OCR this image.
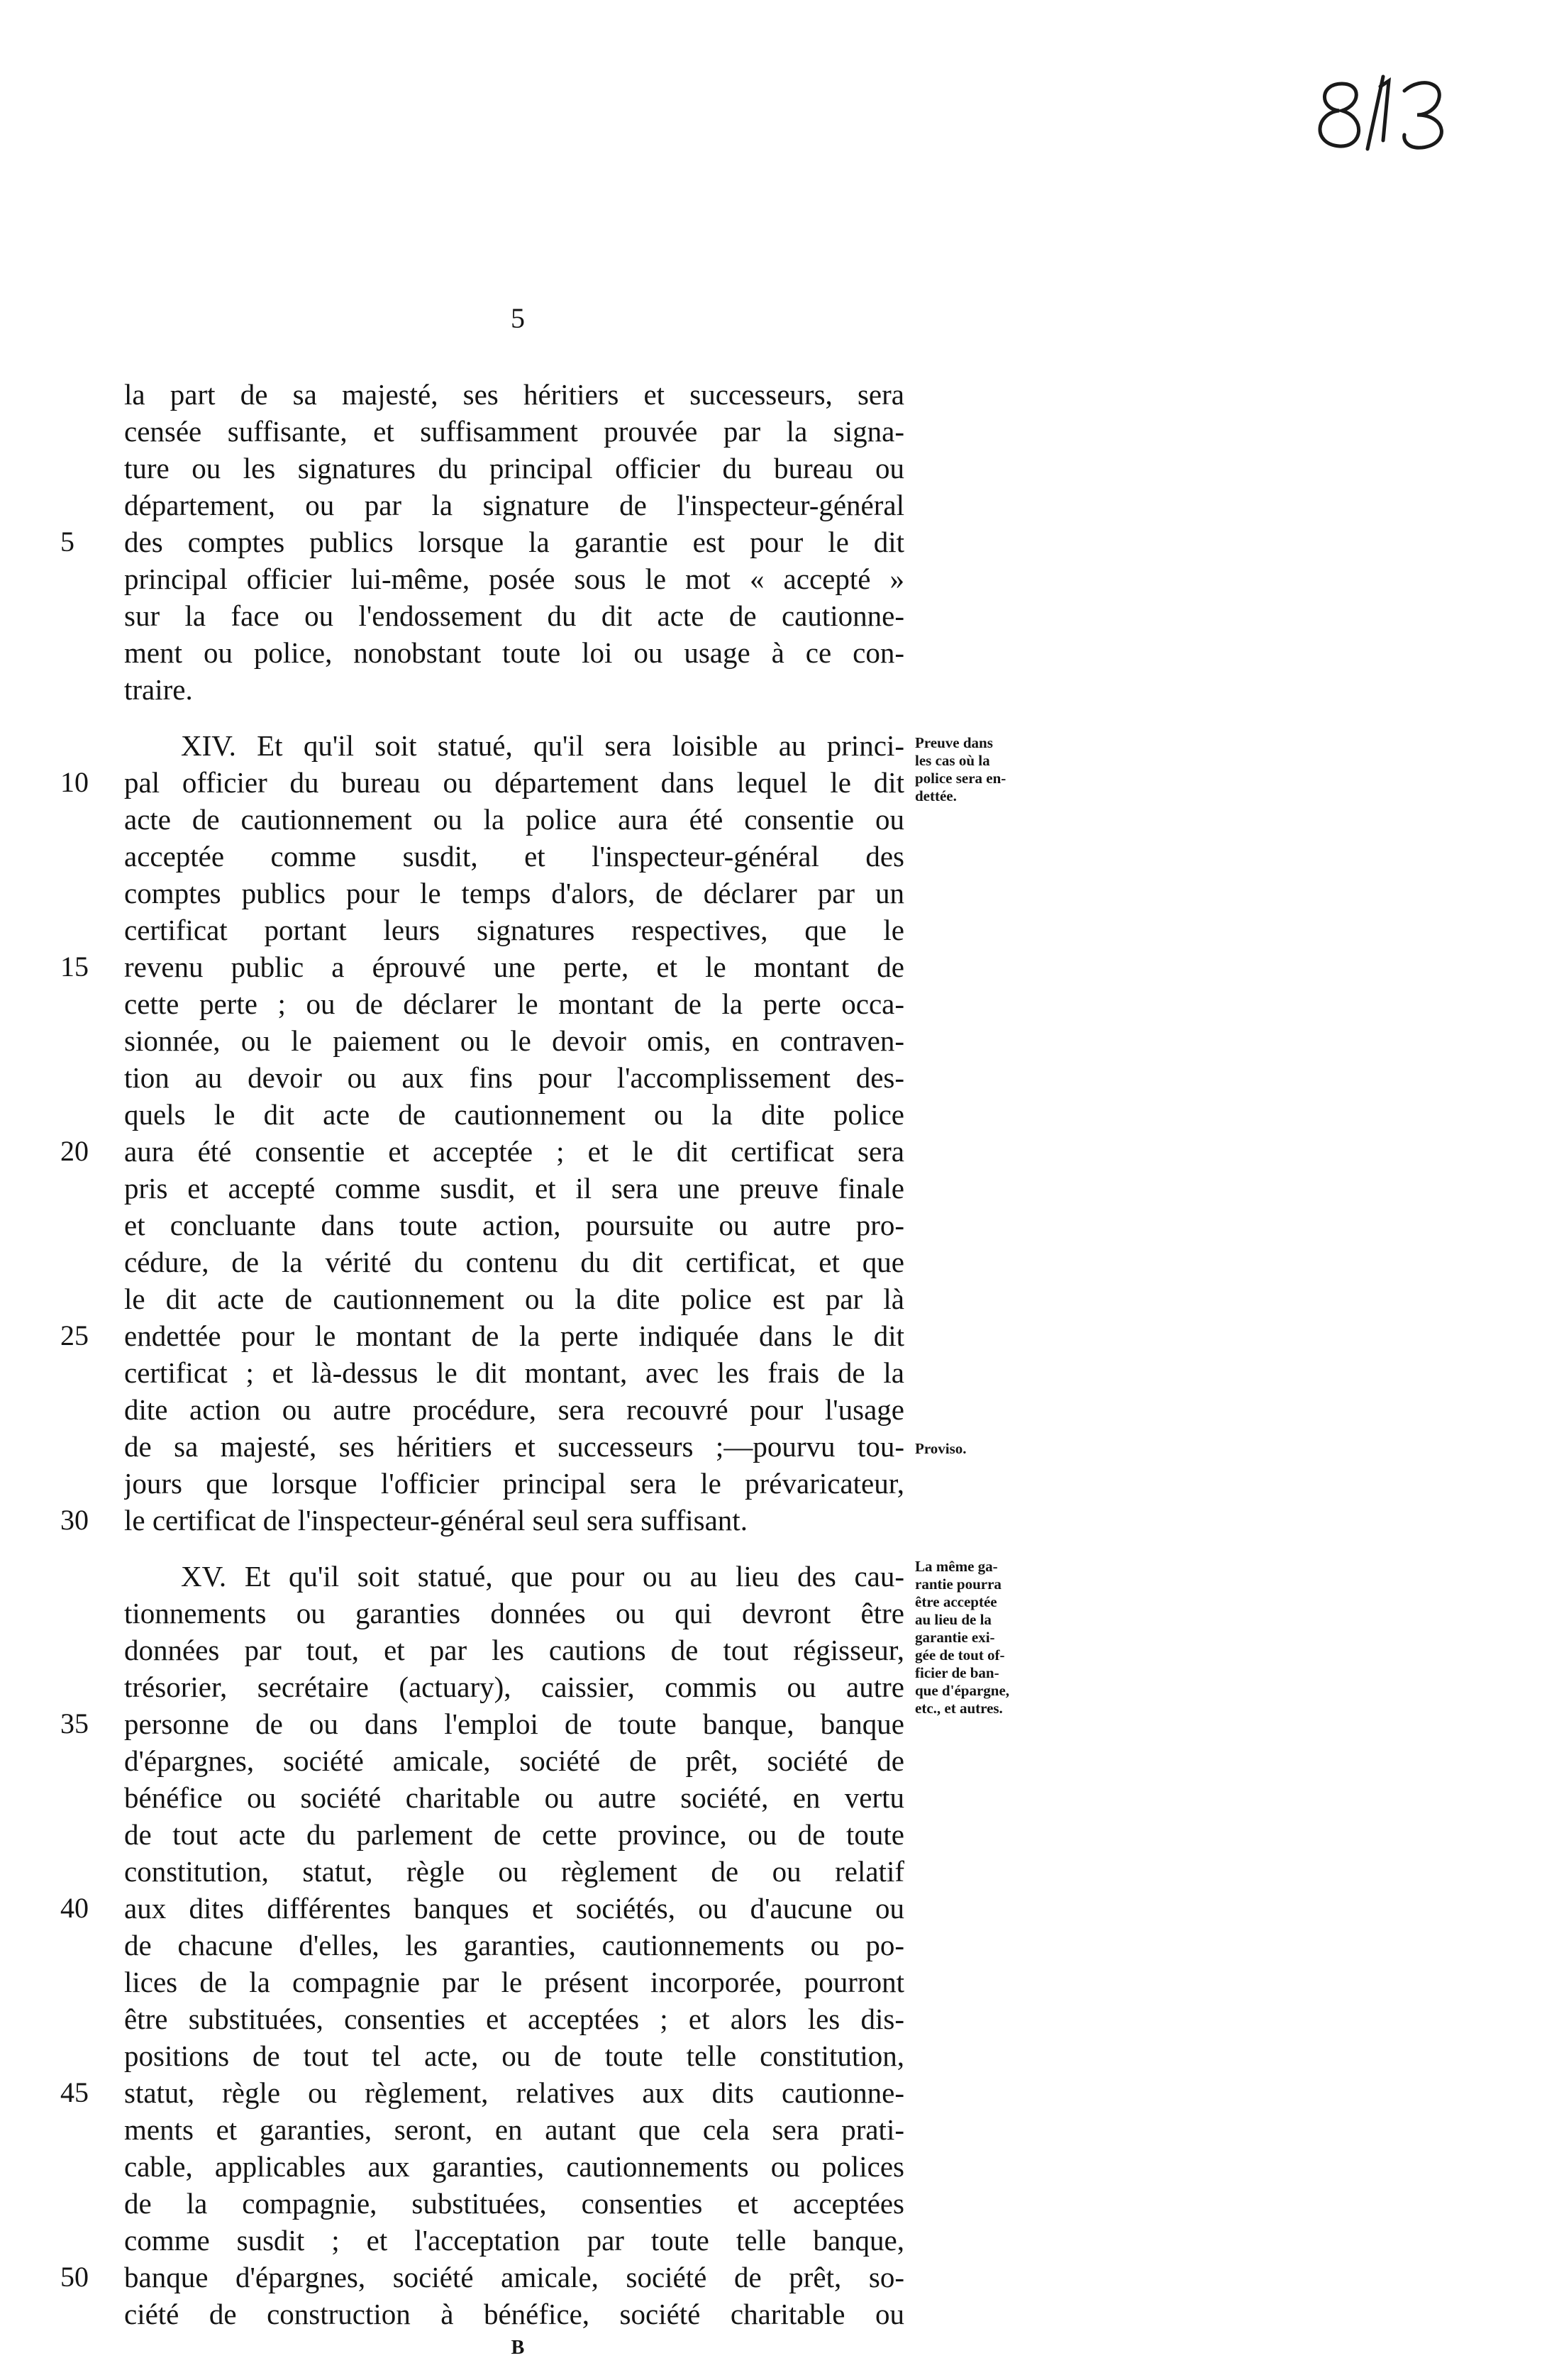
5
la part de sa majesté, ses héritiers et successeurs, sera
censée suffisante, et suffisamment prouvée par la signa-
ture ou les signatures du principal officier du bureau ou
département, ou par la signature de l'inspecteur-général
5	des comptes publics lorsque la garantie est pour le dit
principal officier lui-même, posée sous le mot « accepté »
sur la face ou l'endossement du dit acte de cautionne-
ment ou police, nonobstant toute loi ou usage à ce con-
traire.
XIV. Et qu'il soit statué, qu'il sera loisible au princi-
10	pal officier du bureau ou département dans lequel le dit
acte de cautionnement ou la police aura été consentie ou
acceptée comme susdit, et l'inspecteur-général des
comptes publics pour le temps d'alors, de déclarer par un
certificat portant leurs signatures respectives, que le
15	revenu public a éprouvé une perte, et le montant de
cette perte ; ou de déclarer le montant de la perte occa-
sionnée, ou le paiement ou le devoir omis, en contraven-
tion au devoir ou aux fins pour l'accomplissement des-
quels le dit acte de cautionnement ou la dite police
20	aura été consentie et acceptée ; et le dit certificat sera
pris et accepté comme susdit, et il sera une preuve finale
et concluante dans toute action, poursuite ou autre pro-
cédure, de la vérité du contenu du dit certificat, et que
le dit acte de cautionnement ou la dite police est par là
25	endettée pour le montant de la perte indiquée dans le dit
certificat ; et là-dessus le dit montant, avec les frais de la
dite action ou autre procédure, sera recouvré pour l'usage
de sa majesté, ses héritiers et successeurs ;—pourvu tou-
jours que lorsque l'officier principal sera le prévaricateur,
30	le certificat de l'inspecteur-général seul sera suffisant.
XV. Et qu'il soit statué, que pour ou au lieu des cau-
tionnements ou garanties données ou qui devront être
données par tout, et par les cautions de tout régisseur,
trésorier, secrétaire (actuary), caissier, commis ou autre
35	personne de ou dans l'emploi de toute banque, banque
d'épargnes, société amicale, société de prêt, société de
bénéfice ou société charitable ou autre société, en vertu
de tout acte du parlement de cette province, ou de toute
constitution, statut, règle ou règlement de ou relatif
40	aux dites différentes banques et sociétés, ou d'aucune ou
de chacune d'elles, les garanties, cautionnements ou po-
lices de la compagnie par le présent incorporée, pourront
être substituées, consenties et acceptées ; et alors les dis-
positions de tout tel acte, ou de toute telle constitution,
45	statut, règle ou règlement, relatives aux dits cautionne-
ments et garanties, seront, en autant que cela sera prati-
cable, applicables aux garanties, cautionnements ou polices
de la compagnie, substituées, consenties et acceptées
comme susdit ; et l'acceptation par toute telle banque,
50	banque d'épargnes, société amicale, société de prêt, so-
ciété de construction à bénéfice, société charitable ou
Preuve dans
les cas où la
police sera en-
dettée.
Proviso.
La même ga-
rantie pourra
être acceptée
au lieu de la
garantie exi-
gée de tout of-
ficier de ban-
que d'épargne,
etc., et autres.
B
